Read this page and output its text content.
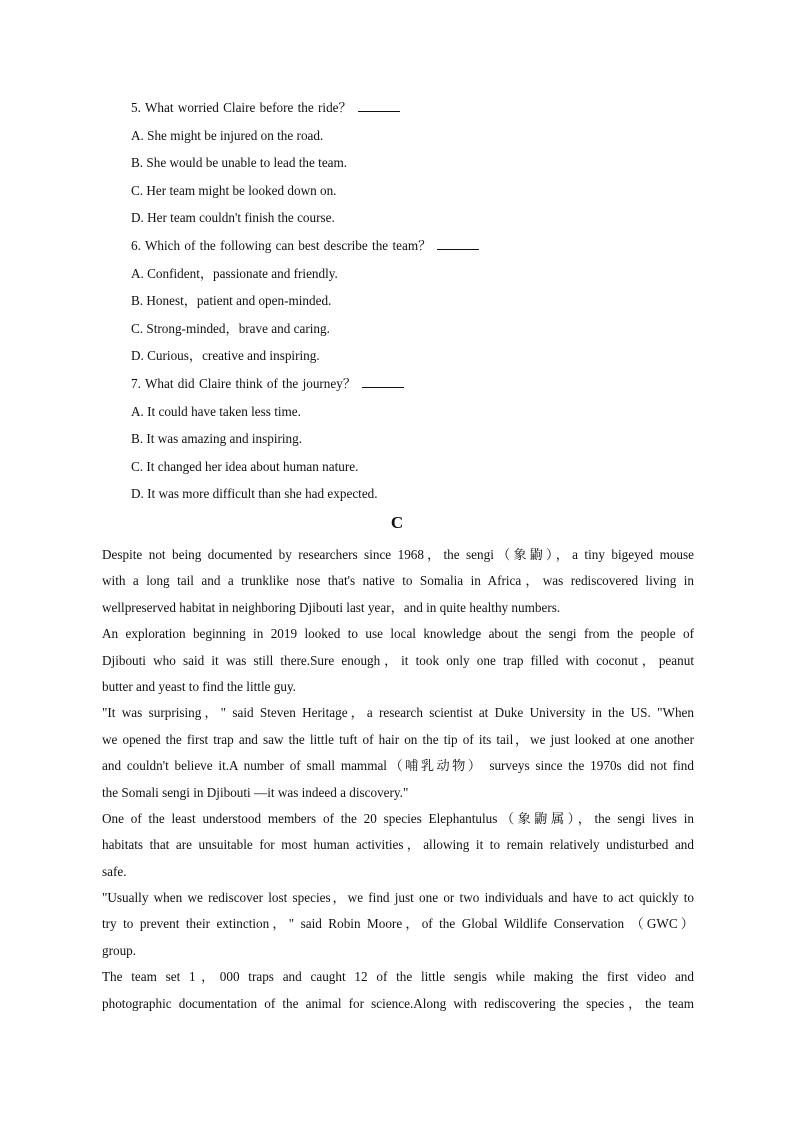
5. What worried Claire before the ride？
A. She might be injured on the road.
B. She would be unable to lead the team.
C. Her team might be looked down on.
D. Her team couldn't finish the course.
6. Which of the following can best describe the team？
A. Confident，passionate and friendly.
B. Honest，patient and open-minded.
C. Strong-minded，brave and caring.
D. Curious，creative and inspiring.
7. What did Claire think of the journey？
A. It could have taken less time.
B. It was amazing and inspiring.
C. It changed her idea about human nature.
D. It was more difficult than she had expected.
C
Despite not being documented by researchers since 1968，the sengi（象鼩），a tiny bigeyed mouse
with a long tail and a trunklike nose that's native to Somalia in Africa，was rediscovered living in
wellpreserved habitat in neighboring Djibouti last year，and in quite healthy numbers.
An exploration beginning in 2019 looked to use local knowledge about the sengi from the people of
Djibouti who said it was still there.Sure enough，it took only one trap filled with coconut，peanut
butter and yeast to find the little guy.
"It was surprising，" said Steven Heritage，a research scientist at Duke University in the US. "When
we opened the first trap and saw the little tuft of hair on the tip of its tail，we just looked at one another
and couldn't believe it.A number of small mammal（哺乳动物） surveys since the 1970s did not find
the Somali sengi in Djibouti —it was indeed a discovery."
One of the least understood members of the 20 species Elephantulus（象鼩属），the sengi lives in
habitats that are unsuitable for most human activities，allowing it to remain relatively undisturbed and
safe.
"Usually when we rediscover lost species，we find just one or two individuals and have to act quickly to
try to prevent their extinction，" said Robin Moore，of the Global Wildlife Conservation （GWC）
group.
The team set 1，000 traps and caught 12 of the little sengis while making the first video and
photographic documentation of the animal for science.Along with rediscovering the species，the team
